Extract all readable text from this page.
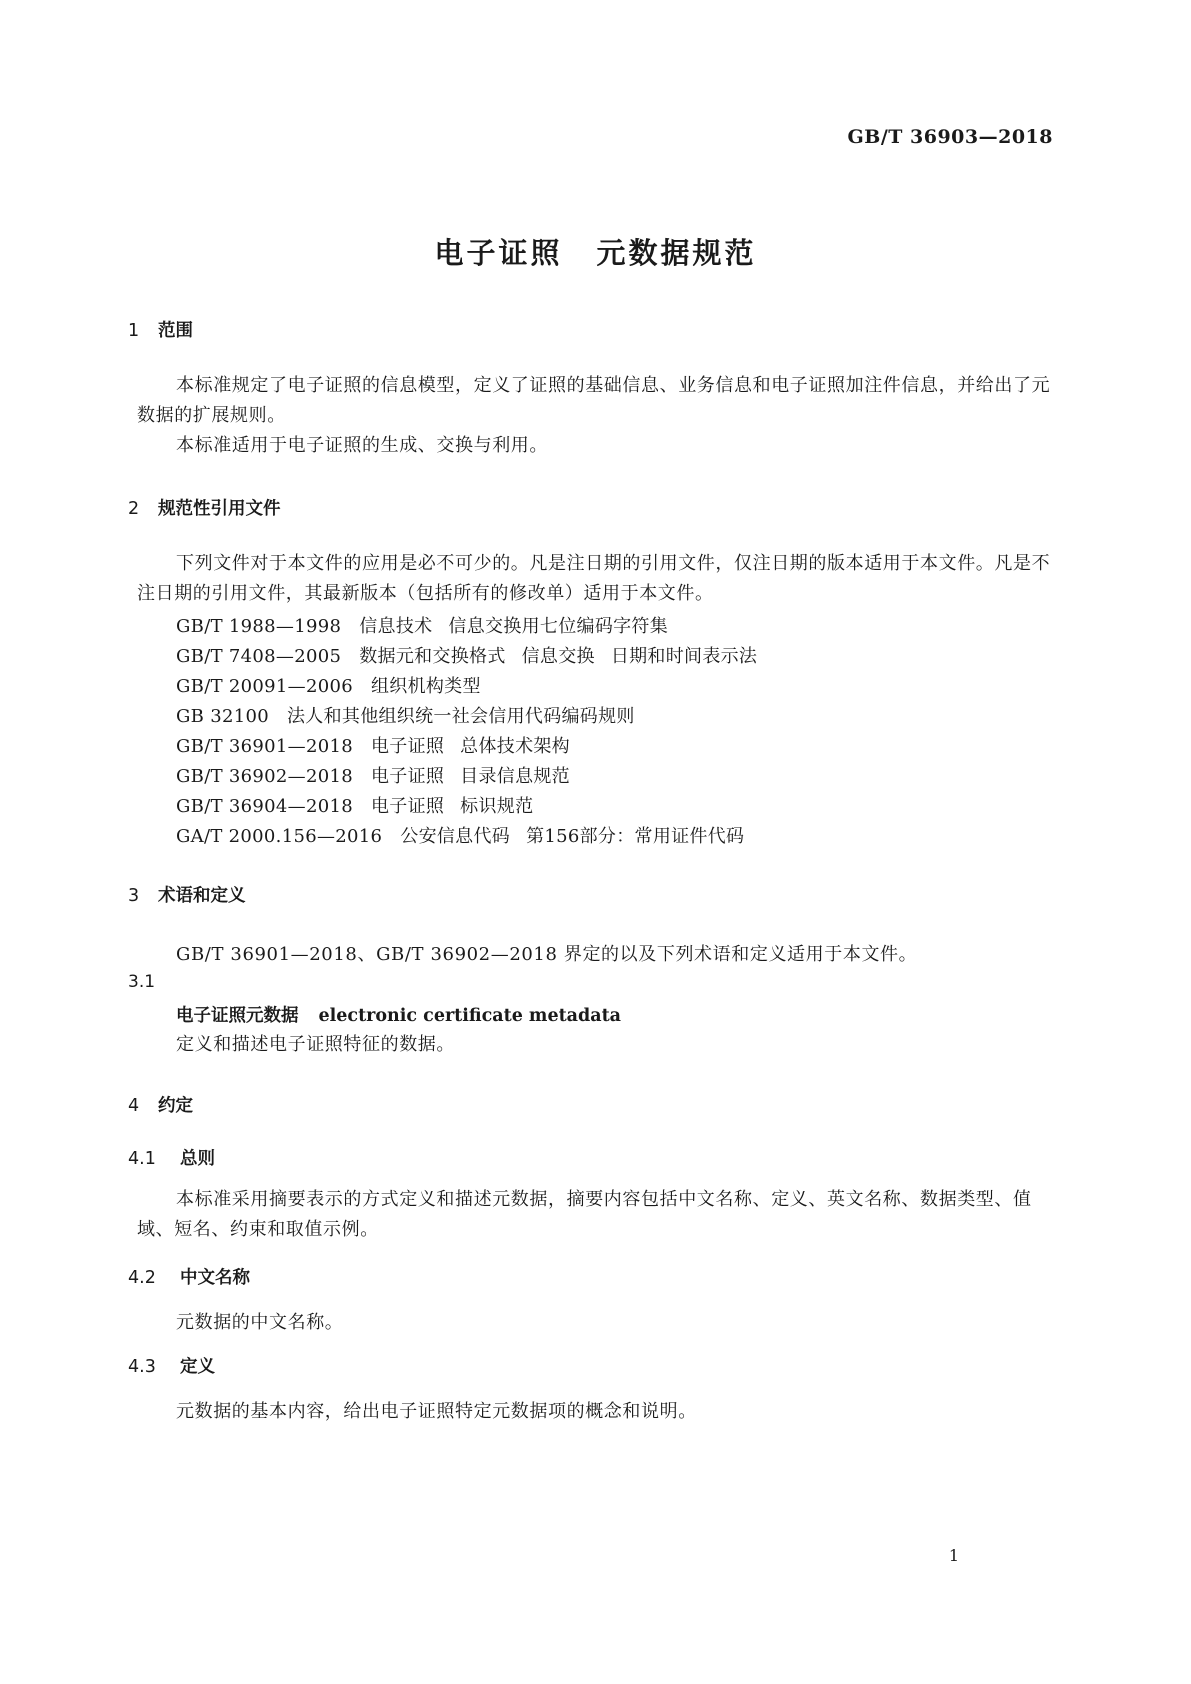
GB/T 36903—2018
电子证照 元数据规范
1 范围
本标准规定了电子证照的信息模型，定义了证照的基础信息、业务信息和电子证照加注件信息，并给出了元数据的扩展规则。
本标准适用于电子证照的生成、交换与利用。
2 规范性引用文件
下列文件对于本文件的应用是必不可少的。凡是注日期的引用文件，仅注日期的版本适用于本文件。凡是不注日期的引用文件，其最新版本（包括所有的修改单）适用于本文件。
GB/T 1988—1998 信息技术 信息交换用七位编码字符集
GB/T 7408—2005 数据元和交换格式 信息交换 日期和时间表示法
GB/T 20091—2006 组织机构类型
GB 32100 法人和其他组织统一社会信用代码编码规则
GB/T 36901—2018 电子证照 总体技术架构
GB/T 36902—2018 电子证照 目录信息规范
GB/T 36904—2018 电子证照 标识规范
GA/T 2000.156—2016 公安信息代码 第156部分：常用证件代码
3 术语和定义
GB/T 36901—2018、GB/T 36902—2018 界定的以及下列术语和定义适用于本文件。
3.1
电子证照元数据 electronic certificate metadata
定义和描述电子证照特征的数据。
4 约定
4.1 总则
本标准采用摘要表示的方式定义和描述元数据，摘要内容包括中文名称、定义、英文名称、数据类型、值域、短名、约束和取值示例。
4.2 中文名称
元数据的中文名称。
4.3 定义
元数据的基本内容，给出电子证照特定元数据项的概念和说明。
1
